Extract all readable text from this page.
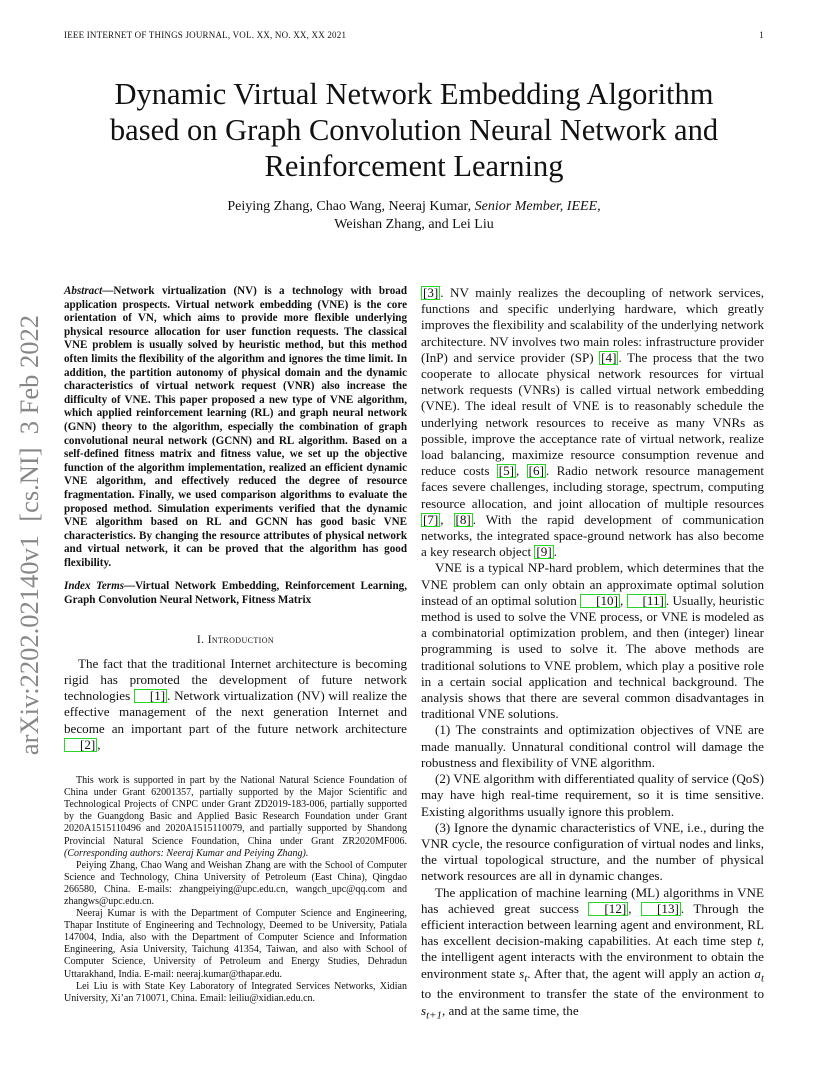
IEEE INTERNET OF THINGS JOURNAL, VOL. XX, NO. XX, XX 2021	1
arXiv:2202.02140v1  [cs.NI]  3 Feb 2022
Dynamic Virtual Network Embedding Algorithm
based on Graph Convolution Neural Network and
Reinforcement Learning
Peiying Zhang, Chao Wang, Neeraj Kumar, Senior Member, IEEE,
Weishan Zhang, and Lei Liu
Abstract—Network virtualization (NV) is a technology with broad application prospects. Virtual network embedding (VNE) is the core orientation of VN, which aims to provide more flexible underlying physical resource allocation for user function requests. The classical VNE problem is usually solved by heuristic method, but this method often limits the flexibility of the algorithm and ignores the time limit. In addition, the partition autonomy of physical domain and the dynamic characteristics of virtual network request (VNR) also increase the difficulty of VNE. This paper proposed a new type of VNE algorithm, which applied reinforcement learning (RL) and graph neural network (GNN) theory to the algorithm, especially the combination of graph convolutional neural network (GCNN) and RL algorithm. Based on a self-defined fitness matrix and fitness value, we set up the objective function of the algorithm implementation, realized an efficient dynamic VNE algorithm, and effectively reduced the degree of resource fragmentation. Finally, we used comparison algorithms to evaluate the proposed method. Simulation experiments verified that the dynamic VNE algorithm based on RL and GCNN has good basic VNE characteristics. By changing the resource attributes of physical network and virtual network, it can be proved that the algorithm has good flexibility.
Index Terms—Virtual Network Embedding, Reinforcement Learning, Graph Convolution Neural Network, Fitness Matrix
I. Introduction

The fact that the traditional Internet architecture is becoming rigid has promoted the development of future network technologies [1] . Network virtualization (NV) will realize the effective management of the next generation Internet and become an important part of the future network architecture [2] ,

This work is supported in part by the National Natural Science Foundation of China under Grant 62001357, partially supported by the Major Scientific and Technological Projects of CNPC under Grant ZD2019-183-006, partially supported by the Guangdong Basic and Applied Basic Research Foundation under Grant 2020A1515110496 and 2020A1515110079, and partially supported by Shandong Provincial Natural Science Foundation, China under Grant ZR2020MF006. (Corresponding authors: Neeraj Kumar and Peiying Zhang).

Peiying Zhang, Chao Wang and Weishan Zhang are with the School of Computer Science and Technology, China University of Petroleum (East China), Qingdao 266580, China. E-mails: zhangpeiying@upc.edu.cn, wangch_upc@qq.com and zhangws@upc.edu.cn.

Neeraj Kumar is with the Department of Computer Science and Engineering, Thapar Institute of Engineering and Technology, Deemed to be University, Patiala 147004, India, also with the Department of Computer Science and Information Engineering, Asia University, Taichung 41354, Taiwan, and also with School of Computer Science, University of Petroleum and Energy Studies, Dehradun Uttarakhand, India. E-mail: neeraj.kumar@thapar.edu.

Lei Liu is with State Key Laboratory of Integrated Services Networks, Xidian University, Xi’an 710071, China. Email: leiliu@xidian.edu.cn.

[3] . NV mainly realizes the decoupling of network services, functions and specific underlying hardware, which greatly improves the flexibility and scalability of the underlying network architecture. NV involves two main roles: infrastructure provider (InP) and service provider (SP) [4] . The process that the two cooperate to allocate physical network resources for virtual network requests (VNRs) is called virtual network embedding (VNE). The ideal result of VNE is to reasonably schedule the underlying network resources to receive as many VNRs as possible, improve the acceptance rate of virtual network, realize load balancing, maximize resource consumption revenue and reduce costs [5] , [6] . Radio network resource management faces severe challenges, including storage, spectrum, computing resource allocation, and joint allocation of multiple resources [7] , [8] . With the rapid development of communication networks, the integrated space-ground network has also become a key research object [9] .

VNE is a typical NP-hard problem, which determines that the VNE problem can only obtain an approximate optimal solution instead of an optimal solution [10] , [11] . Usually, heuristic method is used to solve the VNE process, or VNE is modeled as a combinatorial optimization problem, and then (integer) linear programming is used to solve it. The above methods are traditional solutions to VNE problem, which play a positive role in a certain social application and technical background. The analysis shows that there are several common disadvantages in traditional VNE solutions.

(1) The constraints and optimization objectives of VNE are made manually. Unnatural conditional control will damage the robustness and flexibility of VNE algorithm.

(2) VNE algorithm with differentiated quality of service (QoS) may have high real-time requirement, so it is time sensitive. Existing algorithms usually ignore this problem.

(3) Ignore the dynamic characteristics of VNE, i.e., during the VNR cycle, the resource configuration of virtual nodes and links, the virtual topological structure, and the number of physical network resources are all in dynamic changes.

The application of machine learning (ML) algorithms in VNE has achieved great success [12] , [13] . Through the efficient interaction between learning agent and environment, RL has excellent decision-making capabilities. At each time step t, the intelligent agent interacts with the environment to obtain the environment state $s_t$. After that, the agent will apply an action $a_t$ to the environment to transfer the state of the environment to $s_{t+1}$, and at the same time, the
